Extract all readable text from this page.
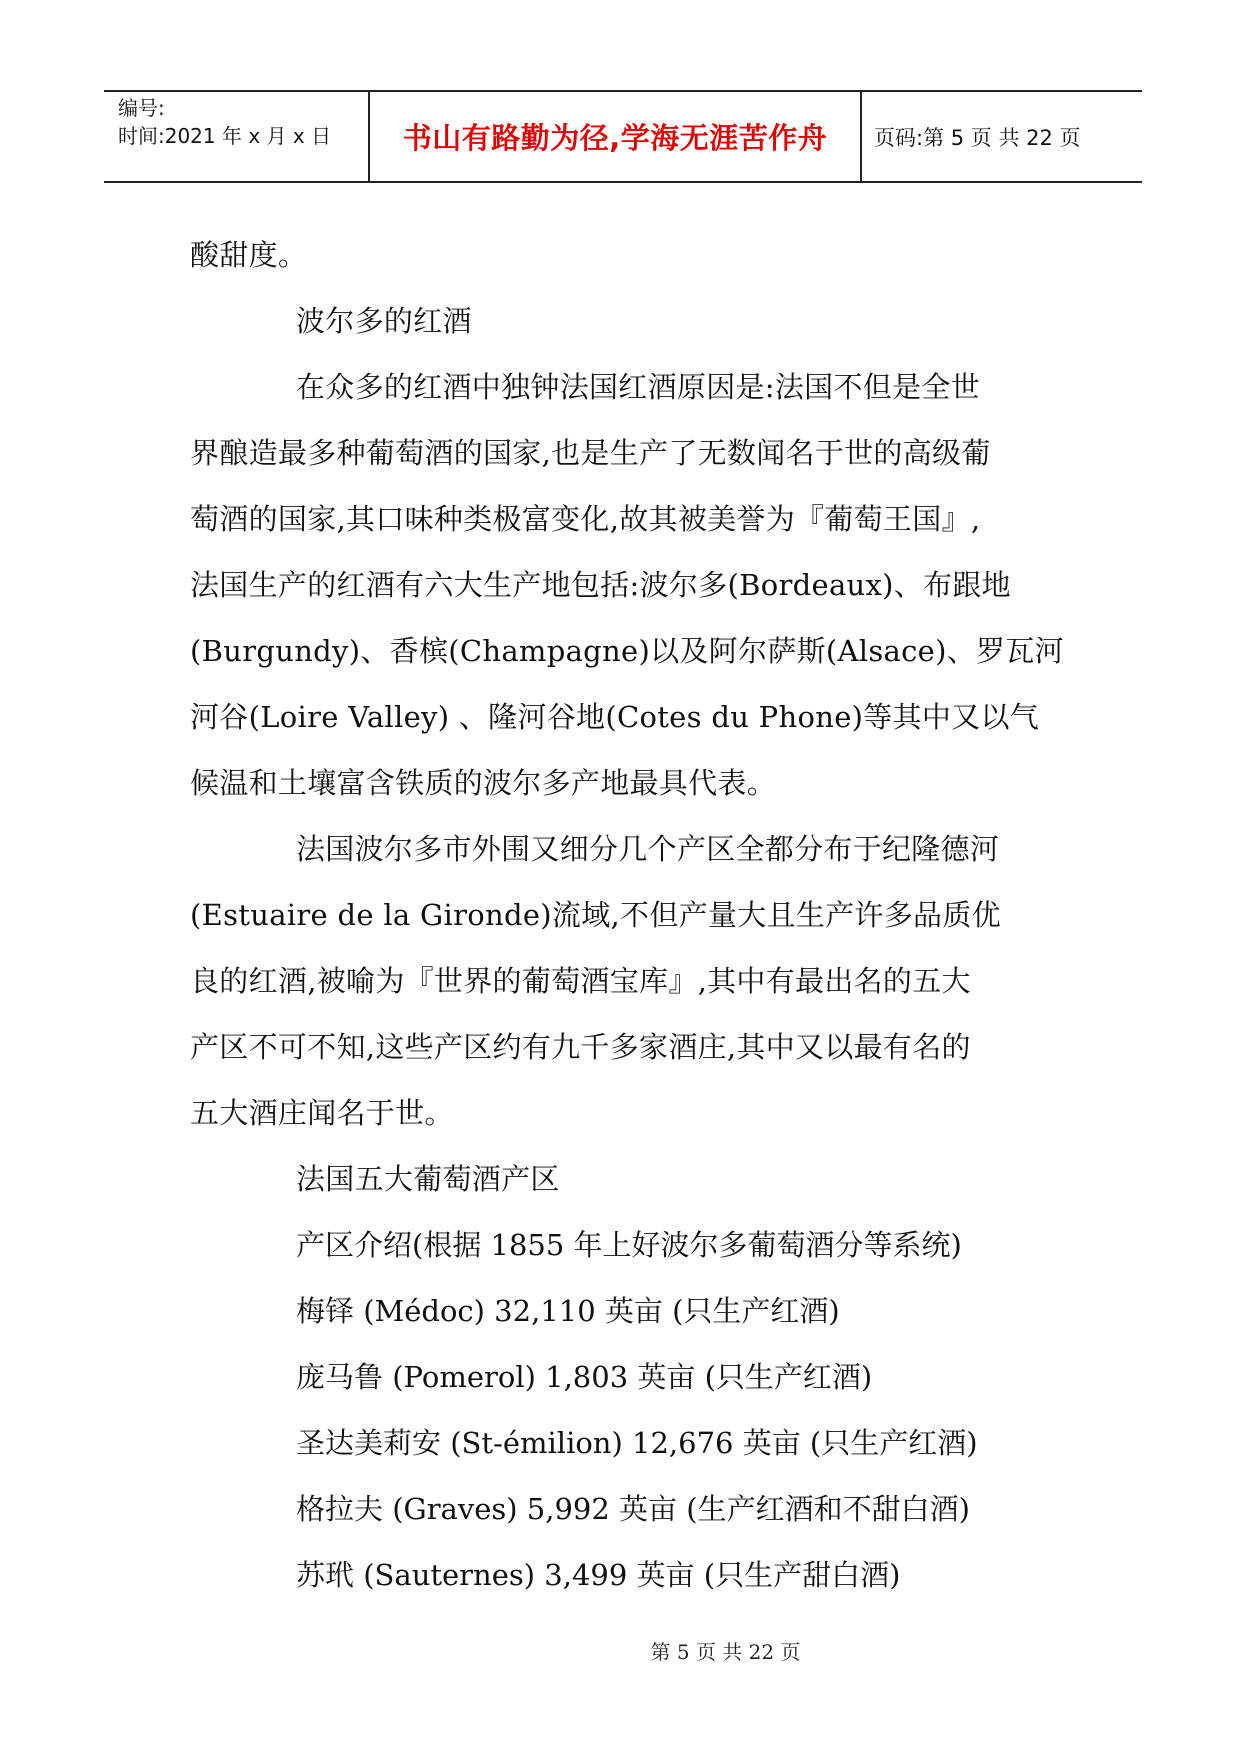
编号:
时间:2021 年 x 月 x 日	书山有路勤为径,学海无涯苦作舟	页码:第 5 页 共 22 页

酸甜度。

波尔多的红酒

在众多的红酒中独钟法国红酒原因是:法国不但是全世
界酿造最多种葡萄酒的国家,也是生产了无数闻名于世的高级葡
萄酒的国家,其口味种类极富变化,故其被美誉为『葡萄王国』,
法国生产的红酒有六大生产地包括:波尔多(Bordeaux)、布跟地
(Burgundy)、香槟(Champagne)以及阿尔萨斯(Alsace)、罗瓦河
河谷(Loire Valley) 、隆河谷地(Cotes du Phone)等其中又以气
候温和土壤富含铁质的波尔多产地最具代表。

法国波尔多市外围又细分几个产区全都分布于纪隆德河
(Estuaire de la Gironde)流域,不但产量大且生产许多品质优
良的红酒,被喻为『世界的葡萄酒宝库』,其中有最出名的五大
产区不可不知,这些产区约有九千多家酒庄,其中又以最有名的
五大酒庄闻名于世。

法国五大葡萄酒产区

产区介绍(根据 1855 年上好波尔多葡萄酒分等系统)

梅铎 (Médoc) 32,110 英亩 (只生产红酒)

庞马鲁 (Pomerol) 1,803 英亩 (只生产红酒)

圣达美莉安 (St-émilion) 12,676 英亩 (只生产红酒)

格拉夫 (Graves) 5,992 英亩 (生产红酒和不甜白酒)

苏玳 (Sauternes) 3,499 英亩 (只生产甜白酒)

第 5 页 共 22 页
